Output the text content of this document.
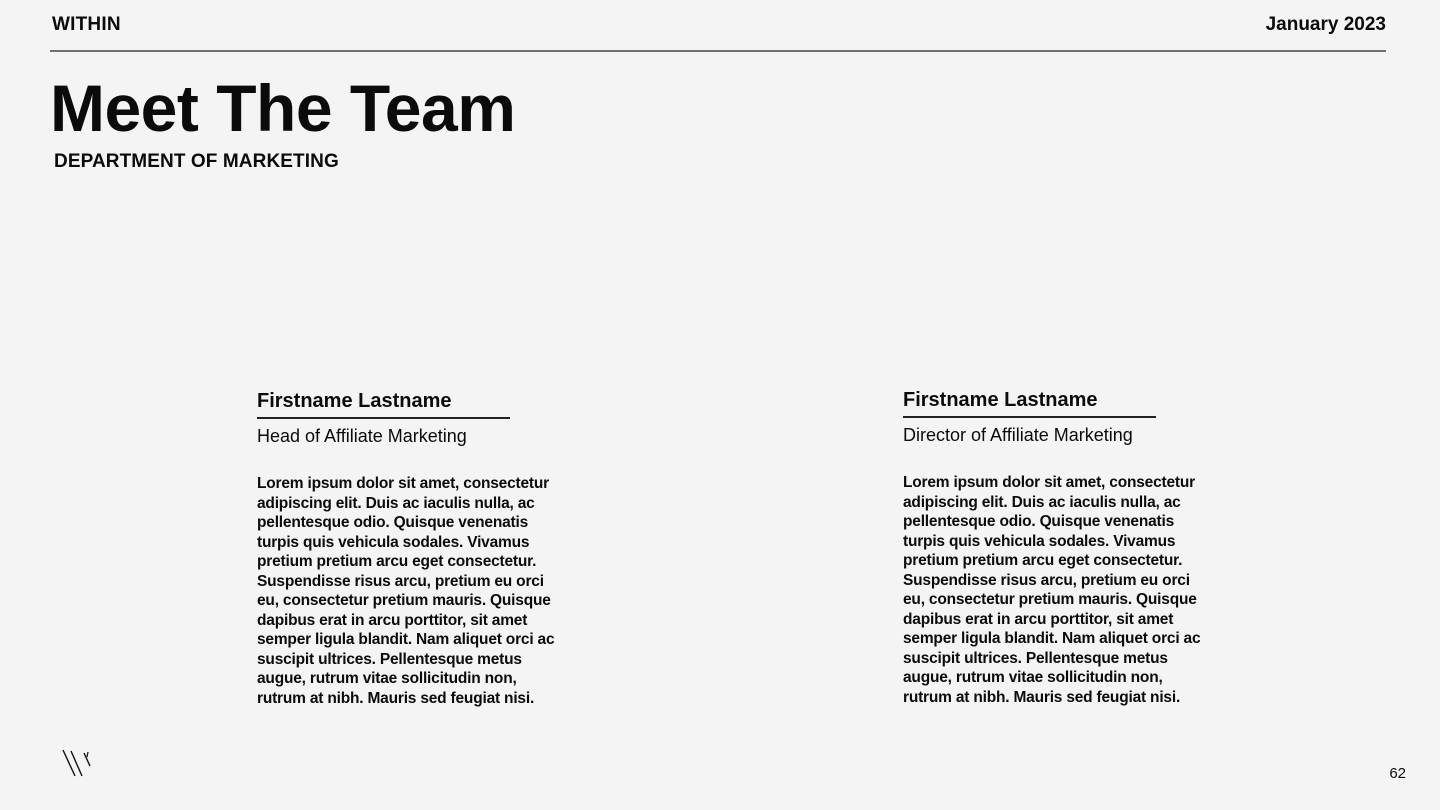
WITHIN	January 2023
Meet The Team
DEPARTMENT OF MARKETING
Firstname Lastname
Head of Affiliate Marketing
Lorem ipsum dolor sit amet, consectetur adipiscing elit. Duis ac iaculis nulla, ac pellentesque odio. Quisque venenatis turpis quis vehicula sodales. Vivamus pretium pretium arcu eget consectetur. Suspendisse risus arcu, pretium eu orci eu, consectetur pretium mauris. Quisque dapibus erat in arcu porttitor, sit amet semper ligula blandit. Nam aliquet orci ac suscipit ultrices. Pellentesque metus augue, rutrum vitae sollicitudin non, rutrum at nibh. Mauris sed feugiat nisi.
Firstname Lastname
Director of Affiliate Marketing
Lorem ipsum dolor sit amet, consectetur adipiscing elit. Duis ac iaculis nulla, ac pellentesque odio. Quisque venenatis turpis quis vehicula sodales. Vivamus pretium pretium arcu eget consectetur. Suspendisse risus arcu, pretium eu orci eu, consectetur pretium mauris. Quisque dapibus erat in arcu porttitor, sit amet semper ligula blandit. Nam aliquet orci ac suscipit ultrices. Pellentesque metus augue, rutrum vitae sollicitudin non, rutrum at nibh. Mauris sed feugiat nisi.
62
